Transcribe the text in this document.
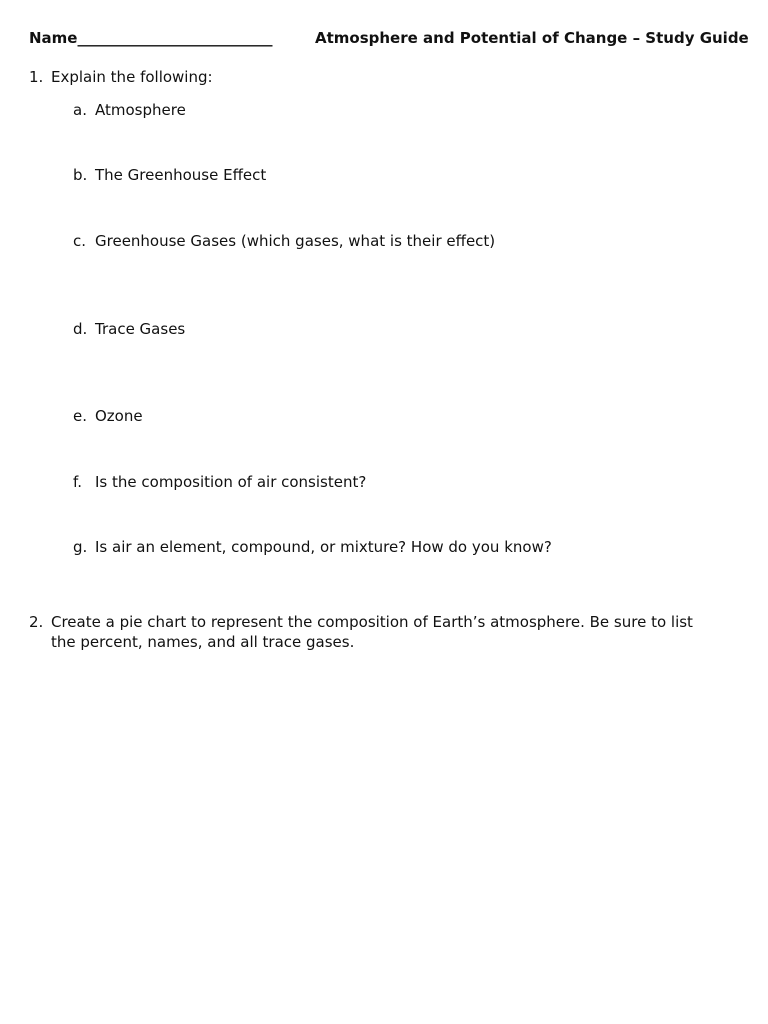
Name__________________________	Atmosphere and Potential of Change – Study Guide
1. Explain the following:
a. Atmosphere
b. The Greenhouse Effect
c. Greenhouse Gases (which gases, what is their effect)
d. Trace Gases
e. Ozone
f. Is the composition of air consistent?
g. Is air an element, compound, or mixture? How do you know?
2. Create a pie chart to represent the composition of Earth’s atmosphere. Be sure to list the percent, names, and all trace gases.
